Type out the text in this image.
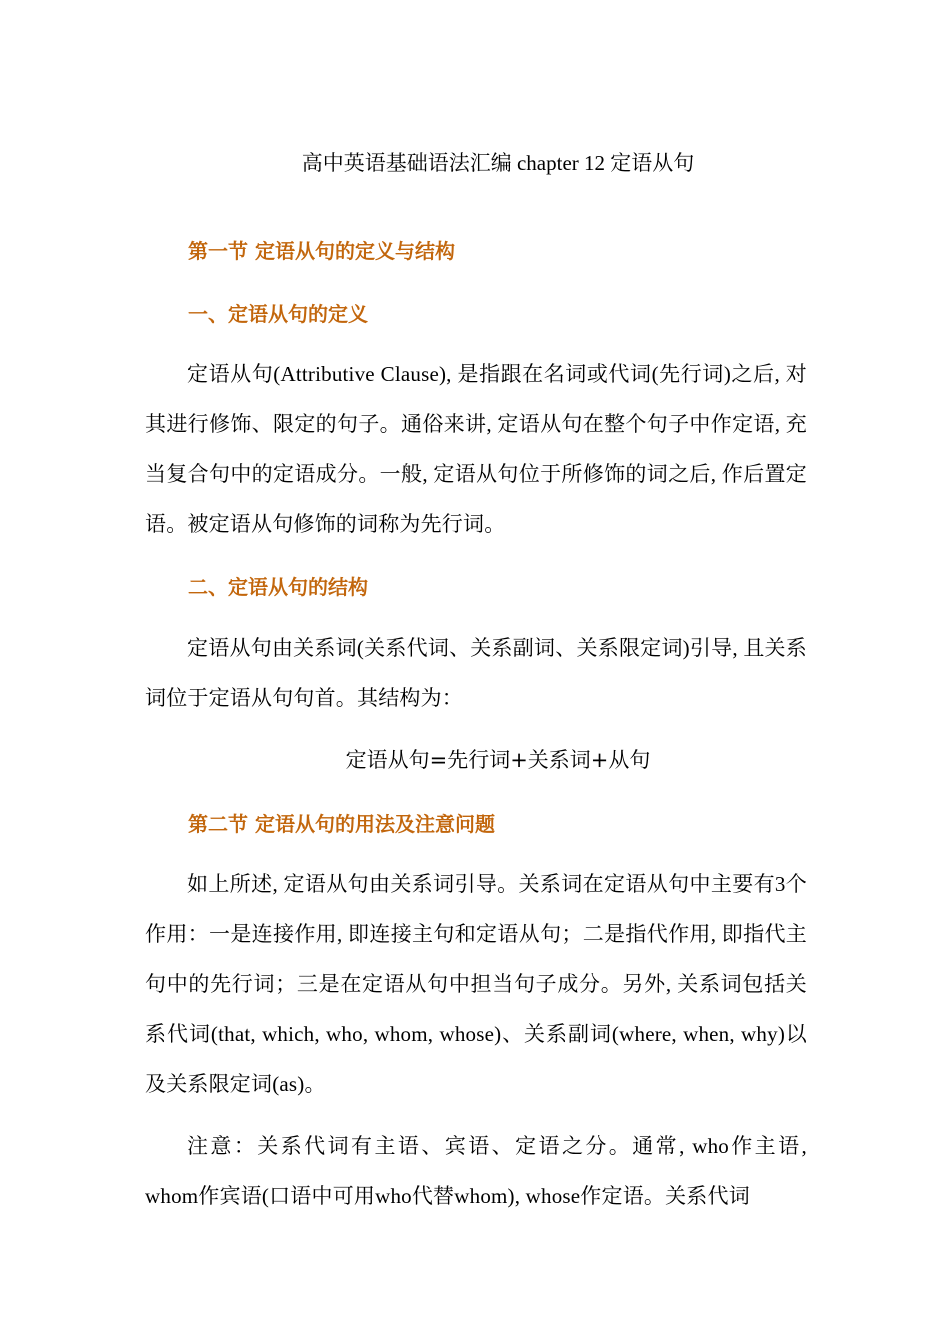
高中英语基础语法汇编 chapter 12 定语从句
第一节 定语从句的定义与结构
一、定语从句的定义
定语从句(Attributive Clause), 是指跟在名词或代词(先行词)之后, 对其进行修饰、限定的句子。通俗来讲, 定语从句在整个句子中作定语, 充当复合句中的定语成分。一般, 定语从句位于所修饰的词之后, 作后置定语。被定语从句修饰的词称为先行词。
二、定语从句的结构
定语从句由关系词(关系代词、关系副词、关系限定词)引导, 且关系词位于定语从句句首。其结构为：
定语从句=先行词+关系词+从句
第二节 定语从句的用法及注意问题
如上所述, 定语从句由关系词引导。关系词在定语从句中主要有3个作用：一是连接作用, 即连接主句和定语从句；二是指代作用, 即指代主句中的先行词；三是在定语从句中担当句子成分。另外, 关系词包括关系代词(that, which, who, whom, whose)、关系副词(where, when, why)以及关系限定词(as)。
注意：关系代词有主语、宾语、定语之分。通常, who作主语, whom作宾语(口语中可用who代替whom), whose作定语。关系代词
